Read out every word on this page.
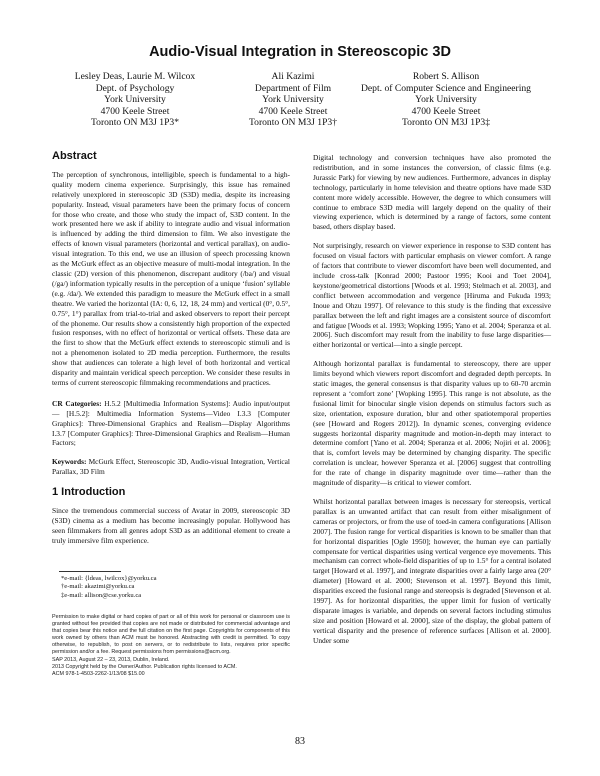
Audio-Visual Integration in Stereoscopic 3D
Lesley Deas, Laurie M. Wilcox
Dept. of Psychology
York University
4700 Keele Street
Toronto ON M3J 1P3*
Ali Kazimi
Department of Film
York University
4700 Keele Street
Toronto ON M3J 1P3†
Robert S. Allison
Dept. of Computer Science and Engineering
York University
4700 Keele Street
Toronto ON M3J 1P3‡
Abstract

The perception of synchronous, intelligible, speech is fundamental to a high-quality modern cinema experience. Surprisingly, this issue has remained relatively unexplored in stereoscopic 3D (S3D) media, despite its increasing popularity. Instead, visual parameters have been the primary focus of concern for those who create, and those who study the impact of, S3D content. In the work presented here we ask if ability to integrate audio and visual information is influenced by adding the third dimension to film. We also investigate the effects of known visual parameters (horizontal and vertical parallax), on audio-visual integration. To this end, we use an illusion of speech processing known as the McGurk effect as an objective measure of multi-modal integration. In the classic (2D) version of this phenomenon, discrepant auditory (/ba/) and visual (/ga/) information typically results in the perception of a unique ‘fusion’ syllable (e.g. /da/). We extended this paradigm to measure the McGurk effect in a small theatre. We varied the horizontal (IA: 0, 6, 12, 18, 24 mm) and vertical (0°, 0.5°, 0.75°, 1°) parallax from trial-to-trial and asked observers to report their percept of the phoneme. Our results show a consistently high proportion of the expected fusion responses, with no effect of horizontal or vertical offsets. These data are the first to show that the McGurk effect extends to stereoscopic stimuli and is not a phenomenon isolated to 2D media perception. Furthermore, the results show that audiences can tolerate a high level of both horizontal and vertical disparity and maintain veridical speech perception. We consider these results in terms of current stereoscopic filmmaking recommendations and practices.

CR Categories: H.5.2 [Multimedia Information Systems]: Audio input/output— [H.5.2]: Multimedia Information Systems—Video I.3.3 [Computer Graphics]: Three-Dimensional Graphics and Realism—Display Algorithms I.3.7 [Computer Graphics]: Three-Dimensional Graphics and Realism—Human Factors;

Keywords: McGurk Effect, Stereoscopic 3D, Audio-visual Integration, Vertical Parallax, 3D Film

1 Introduction

Since the tremendous commercial success of Avatar in 2009, stereoscopic 3D (S3D) cinema as a medium has become increasingly popular. Hollywood has seen filmmakers from all genres adopt S3D as an additional element to create a truly immersive film experience.

*e-mail: {ldeas, lwilcox}@yorku.ca
†e-mail: akazimi@yorku.ca
‡e-mail: allison@cse.yorku.ca
Permission to make digital or hard copies of part or all of this work for personal or classroom use is granted without fee provided that copies are not made or distributed for commercial advantage and that copies bear this notice and the full citation on the first page. Copyrights for components of this work owned by others than ACM must be honored. Abstracting with credit is permitted. To copy otherwise, to republish, to post on servers, or to redistribute to lists, requires prior specific permission and/or a fee. Request permissions from permissions@acm.org.
SAP 2013, August 22 – 23, 2013, Dublin, Ireland.
2013 Copyright held by the Owner/Author. Publication rights licensed to ACM.
ACM 978-1-4503-2262-1/13/08 $15.00

Digital technology and conversion techniques have also promoted the redistribution, and in some instances the conversion, of classic films (e.g. Jurassic Park) for viewing by new audiences. Furthermore, advances in display technology, particularly in home television and theatre options have made S3D content more widely accessible. However, the degree to which consumers will continue to embrace S3D media will largely depend on the quality of their viewing experience, which is determined by a range of factors, some content based, others display based.

Not surprisingly, research on viewer experience in response to S3D content has focused on visual factors with particular emphasis on viewer comfort. A range of factors that contribute to viewer discomfort have been well documented, and include cross-talk [Konrad 2000; Pastoor 1995; Kooi and Toet 2004], keystone/geometrical distortions [Woods et al. 1993; Stelmach et al. 2003], and conflict between accommodation and vergence [Hiruma and Fukuda 1993; Inoue and Ohzu 1997]. Of relevance to this study is the finding that excessive parallax between the left and right images are a consistent source of discomfort and fatigue [Woods et al. 1993; Wopking 1995; Yano et al. 2004; Speranza et al. 2006]. Such discomfort may result from the inability to fuse large disparities—either horizontal or vertical—into a single percept.

Although horizontal parallax is fundamental to stereoscopy, there are upper limits beyond which viewers report discomfort and degraded depth percepts. In static images, the general consensus is that disparity values up to 60-70 arcmin represent a ‘comfort zone’ [Wopking 1995]. This range is not absolute, as the fusional limit for binocular single vision depends on stimulus factors such as size, orientation, exposure duration, blur and other spatiotemporal properties (see [Howard and Rogers 2012]). In dynamic scenes, converging evidence suggests horizontal disparity magnitude and motion-in-depth may interact to determine comfort [Yano et al. 2004; Speranza et al. 2006; Nojiri et al. 2006]; that is, comfort levels may be determined by changing disparity. The specific correlation is unclear, however Speranza et al. [2006] suggest that controlling for the rate of change in disparity magnitude over time—rather than the magnitude of disparity—is critical to viewer comfort.

Whilst horizontal parallax between images is necessary for stereopsis, vertical parallax is an unwanted artifact that can result from either misalignment of cameras or projectors, or from the use of toed-in camera configurations [Allison 2007]. The fusion range for vertical disparities is known to be smaller than that for horizontal disparities [Ogle 1950]; however, the human eye can partially compensate for vertical disparities using vertical vergence eye movements. This mechanism can correct whole-field disparities of up to 1.5° for a central isolated target [Howard et al. 1997], and integrate disparities over a fairly large area (20° diameter) [Howard et al. 2000; Stevenson et al. 1997]. Beyond this limit, disparities exceed the fusional range and stereopsis is degraded [Stevenson et al. 1997]. As for horizontal disparities, the upper limit for fusion of vertically disparate images is variable, and depends on several factors including stimulus size and position [Howard et al. 2000], size of the display, the global pattern of vertical disparity and the presence of reference surfaces [Allison et al. 2000]. Under some

83
